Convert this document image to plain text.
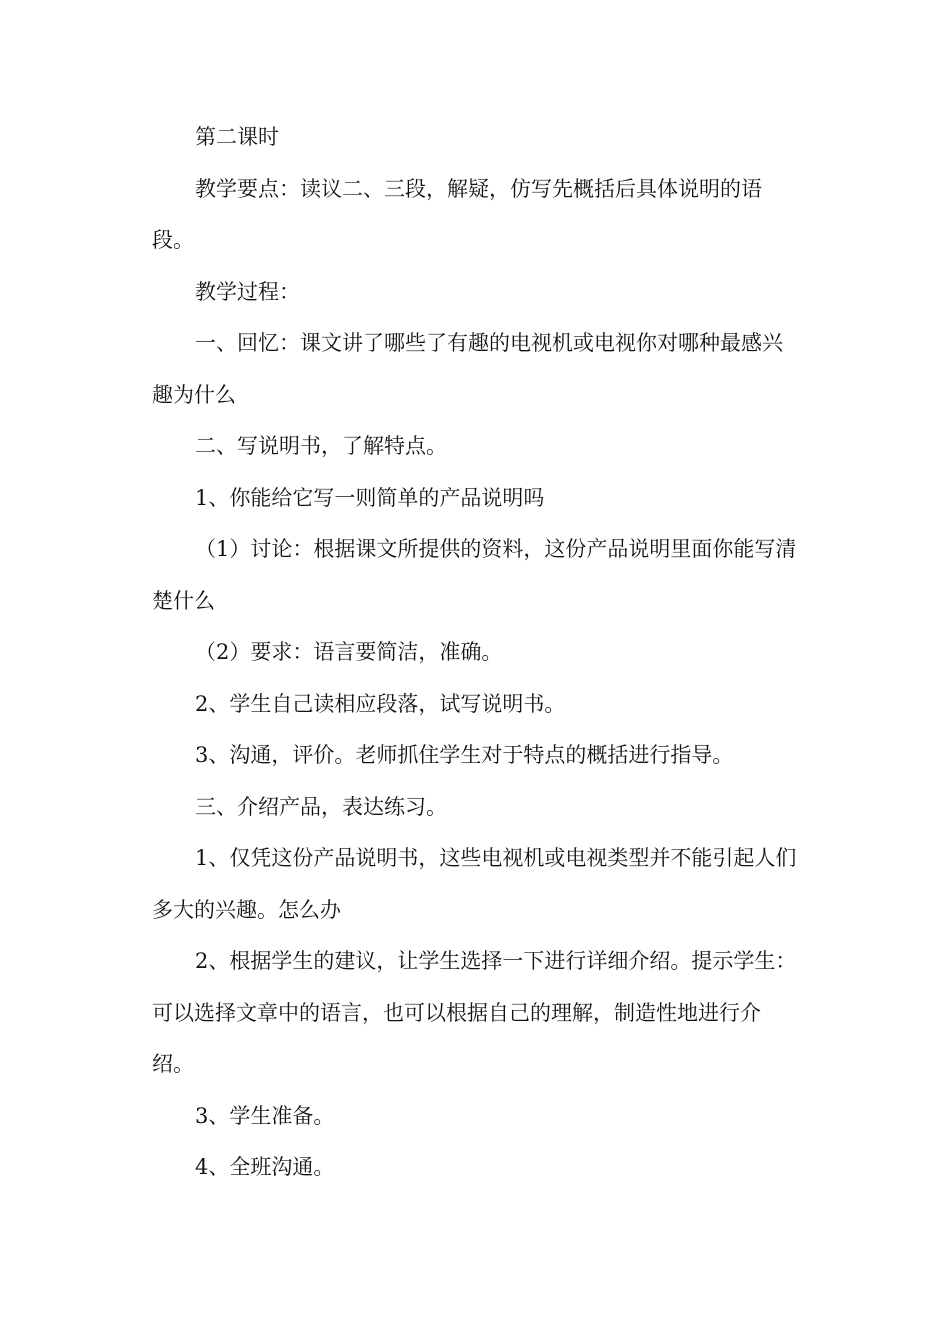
第二课时

教学要点：读议二、三段，解疑，仿写先概括后具体说明的语段。

教学过程：

一、回忆：课文讲了哪些了有趣的电视机或电视你对哪种最感兴趣为什么

二、写说明书，了解特点。

1、你能给它写一则简单的产品说明吗

（1）讨论：根据课文所提供的资料，这份产品说明里面你能写清楚什么

（2）要求：语言要简洁，准确。

2、学生自己读相应段落，试写说明书。

3、沟通，评价。老师抓住学生对于特点的概括进行指导。

三、介绍产品，表达练习。

1、仅凭这份产品说明书，这些电视机或电视类型并不能引起人们多大的兴趣。怎么办

2、根据学生的建议，让学生选择一下进行详细介绍。提示学生：可以选择文章中的语言，也可以根据自己的理解，制造性地进行介绍。

3、学生准备。

4、全班沟通。
